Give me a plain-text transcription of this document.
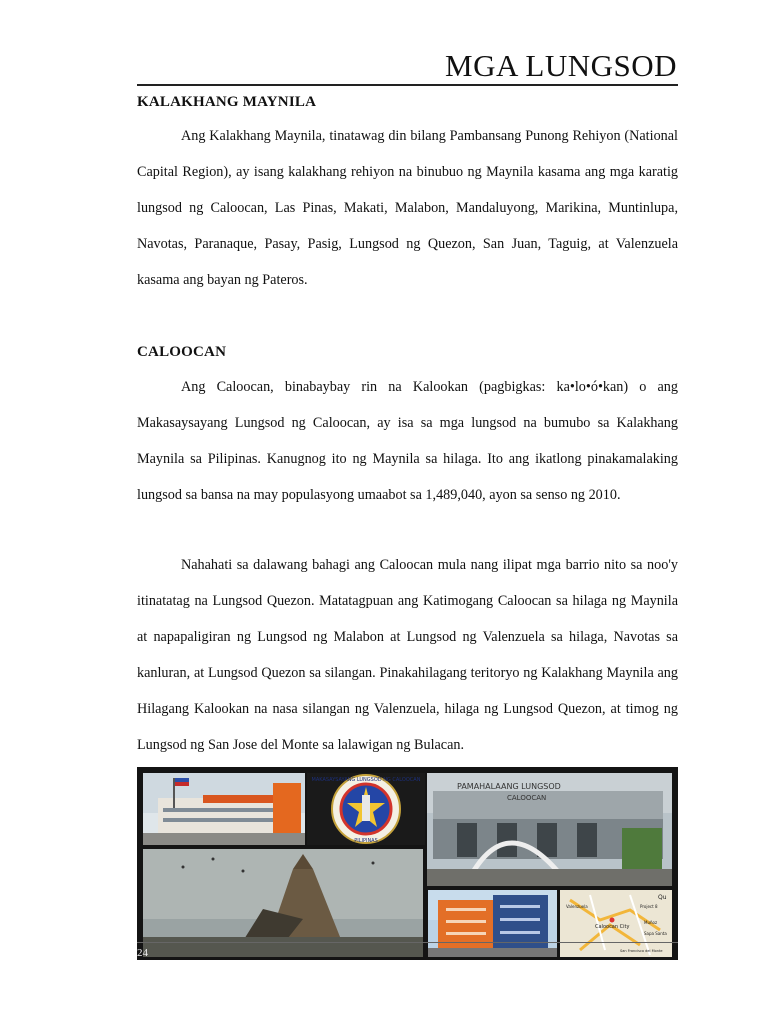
MGA LUNGSOD
KALAKHANG MAYNILA

Ang Kalakhang Maynila, tinatawag din bilang Pambansang Punong Rehiyon (National Capital Region), ay isang kalakhang rehiyon na binubuo ng Maynila kasama ang mga karatig lungsod ng Caloocan, Las Pinas, Makati, Malabon, Mandaluyong, Marikina, Muntinlupa, Navotas, Paranaque, Pasay, Pasig, Lungsod ng Quezon, San Juan, Taguig, at Valenzuela kasama ang bayan ng Pateros.

CALOOCAN

Ang Caloocan, binabaybay rin na Kalookan (pagbigkas: ka•lo•ó•kan) o ang Makasaysayang Lungsod ng Caloocan, ay isa sa mga lungsod na bumubo sa Kalakhang Maynila sa Pilipinas. Kanugnog ito ng Maynila sa hilaga. Ito ang ikatlong pinakamalaking lungsod sa bansa na may populasyong umaabot sa 1,489,040, ayon sa senso ng 2010.

Nahahati sa dalawang bahagi ang Caloocan mula nang ilipat mga barrio nito sa noo'y itinatatag na Lungsod Quezon. Matatagpuan ang Katimogang Caloocan sa hilaga ng Maynila at napapaligiran ng Lungsod ng Malabon at Lungsod ng Valenzuela sa hilaga, Navotas sa kanluran, at Lungsod Quezon sa silangan. Pinakahilagang teritoryo ng Kalakhang Maynila ang Hilagang Kalookan na nasa silangan ng Valenzuela, hilaga ng Lungsod Quezon, at timog ng Lungsod ng San Jose del Monte sa lalawigan ng Bulacan.

MAKASAYSAYANG LUNGSOD NG CALOOCAN
PILIPINAS
PAMAHALAANG LUNGSOD
CALOOCAN
Qu
Project 8
Valenzuela
Caloocan City
San Francisco del Monte
Muñoz
Sapa Santa
24
